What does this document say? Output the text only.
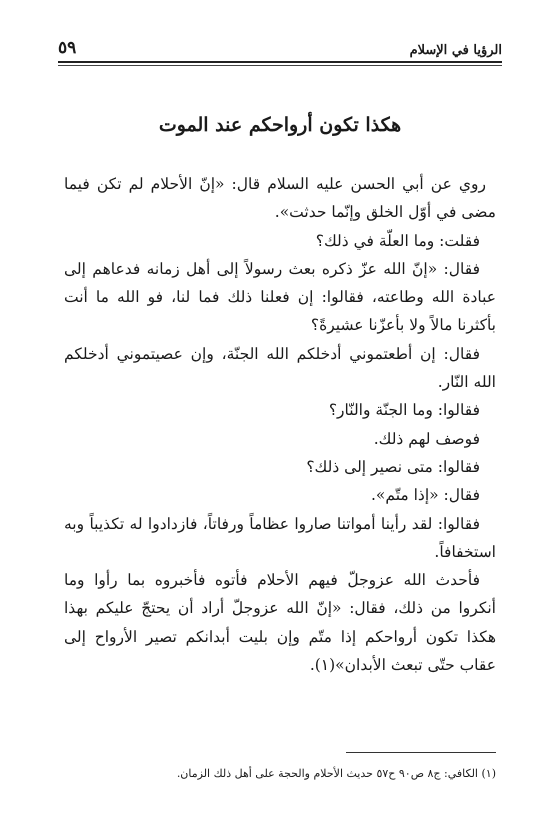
الرؤيا في الإسلام
٥٩
هكذا تكون أرواحكم عند الموت

روي عن أبي الحسن عليه السلام قال: «إنّ الأحلام لم تكن فيما مضى في أوّل الخلق وإنّما حدثت».

فقلت: وما العلّة في ذلك؟

فقال: «إنّ الله عزّ ذكره بعث رسولاً إلى أهل زمانه فدعاهم إلى عبادة الله وطاعته، فقالوا: إن فعلنا ذلك فما لنا، فو الله ما أنت بأكثرنا مالاً ولا بأعزّنا عشيرةً؟

فقال: إن أطعتموني أدخلكم الله الجنّة، وإن عصيتموني أدخلكم الله النّار.

فقالوا: وما الجنّة والنّار؟

فوصف لهم ذلك.

فقالوا: متى نصير إلى ذلك؟

فقال: «إذا متّم».

فقالوا: لقد رأينا أمواتنا صاروا عظاماً ورفاتاً، فازدادوا له تكذيباً وبه استخفافاً.

فأحدث الله عزوجلّ فيهم الأحلام فأتوه فأخبروه بما رأوا وما أنكروا من ذلك، فقال: «إنّ الله عزوجلّ أراد أن يحتجّ عليكم بهذا هكذا تكون أرواحكم إذا متّم وإن بليت أبدانكم تصير الأرواح إلى عقاب حتّى تبعث الأبدان»(١).

(١) الكافي: ج٨ ص٩٠ ح٥٧ حديث الأحلام والحجة على أهل ذلك الزمان.
